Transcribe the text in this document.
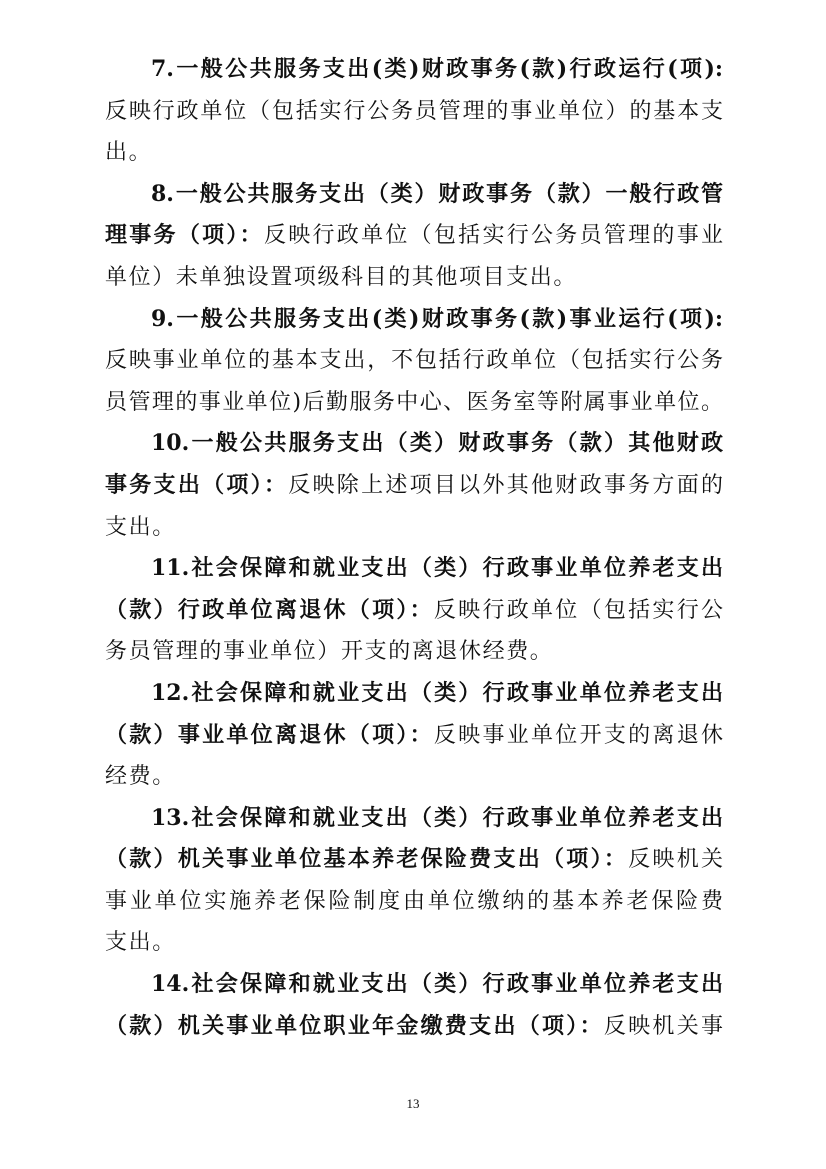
7.一般公共服务支出(类)财政事务(款)行政运行(项):
反映行政单位（包括实行公务员管理的事业单位）的基本支
出。
8.一般公共服务支出（类）财政事务（款）一般行政管
理事务（项）：反映行政单位（包括实行公务员管理的事业
单位）未单独设置项级科目的其他项目支出。
9.一般公共服务支出(类)财政事务(款)事业运行(项):
反映事业单位的基本支出，不包括行政单位（包括实行公务
员管理的事业单位)后勤服务中心、医务室等附属事业单位。
10.一般公共服务支出（类）财政事务（款）其他财政
事务支出（项）：反映除上述项目以外其他财政事务方面的
支出。
11.社会保障和就业支出（类）行政事业单位养老支出
（款）行政单位离退休（项）：反映行政单位（包括实行公
务员管理的事业单位）开支的离退休经费。
12.社会保障和就业支出（类）行政事业单位养老支出
（款）事业单位离退休（项）：反映事业单位开支的离退休
经费。
13.社会保障和就业支出（类）行政事业单位养老支出
（款）机关事业单位基本养老保险费支出（项）：反映机关
事业单位实施养老保险制度由单位缴纳的基本养老保险费
支出。
14.社会保障和就业支出（类）行政事业单位养老支出
（款）机关事业单位职业年金缴费支出（项）：反映机关事
13
